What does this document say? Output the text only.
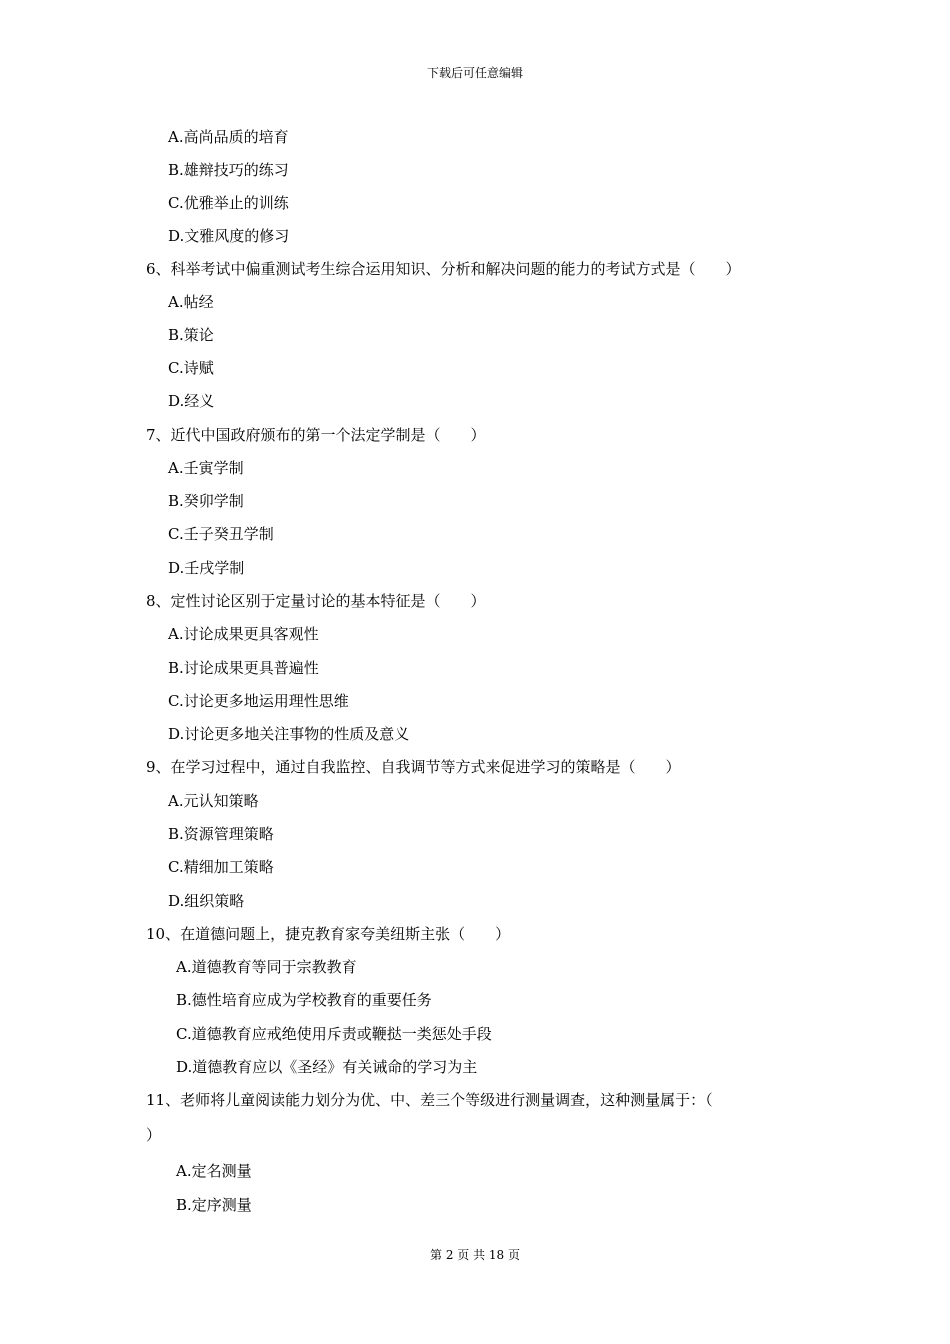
下载后可任意编辑
A.高尚品质的培育
B.雄辩技巧的练习
C.优雅举止的训练
D.文雅风度的修习
6、科举考试中偏重测试考生综合运用知识、分析和解决问题的能力的考试方式是（　　）
A.帖经
B.策论
C.诗赋
D.经义
7、近代中国政府颁布的第一个法定学制是（　　）
A.壬寅学制
B.癸卯学制
C.壬子癸丑学制
D.壬戌学制
8、定性讨论区别于定量讨论的基本特征是（　　）
A.讨论成果更具客观性
B.讨论成果更具普遍性
C.讨论更多地运用理性思维
D.讨论更多地关注事物的性质及意义
9、在学习过程中，通过自我监控、自我调节等方式来促进学习的策略是（　　）
A.元认知策略
B.资源管理策略
C.精细加工策略
D.组织策略
10、在道德问题上，捷克教育家夸美纽斯主张（　　）
A.道德教育等同于宗教教育
B.德性培育应成为学校教育的重要任务
C.道德教育应戒绝使用斥责或鞭挞一类惩处手段
D.道德教育应以《圣经》有关诫命的学习为主
11、老师将儿童阅读能力划分为优、中、差三个等级进行测量调查，这种测量属于：（
）
A.定名测量
B.定序测量
第 2 页 共 18 页
